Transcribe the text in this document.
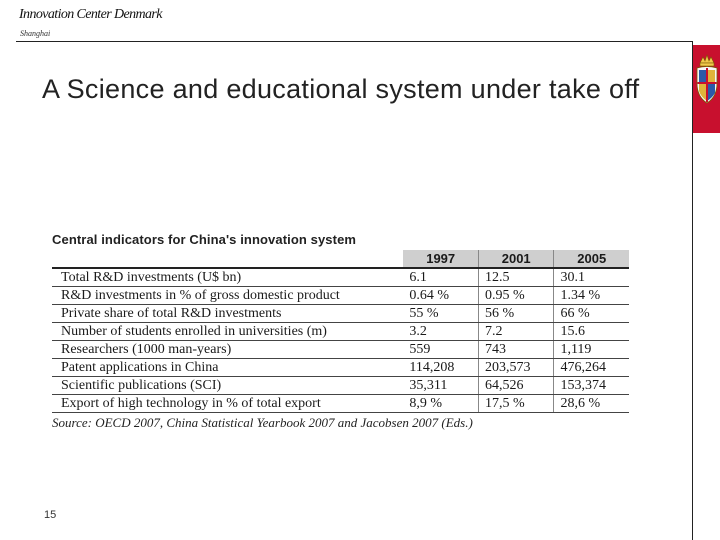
Innovation Center Denmark
Shanghai
A Science and educational system under take off
Central indicators for China's innovation system
	1997	2001	2005
Total R&D investments (U$ bn)	6.1	12.5	30.1
R&D investments in % of gross domestic product	0.64 %	0.95 %	1.34 %
Private share of total R&D investments	55 %	56 %	66 %
Number of students enrolled in universities (m)	3.2	7.2	15.6
Researchers (1000 man-years)	559	743	1,119
Patent applications in China	114,208	203,573	476,264
Scientific publications (SCI)	35,311	64,526	153,374
Export of high technology in % of total export	8,9 %	17,5 %	28,6 %
Source: OECD 2007, China Statistical Yearbook 2007 and Jacobsen 2007 (Eds.)
15
